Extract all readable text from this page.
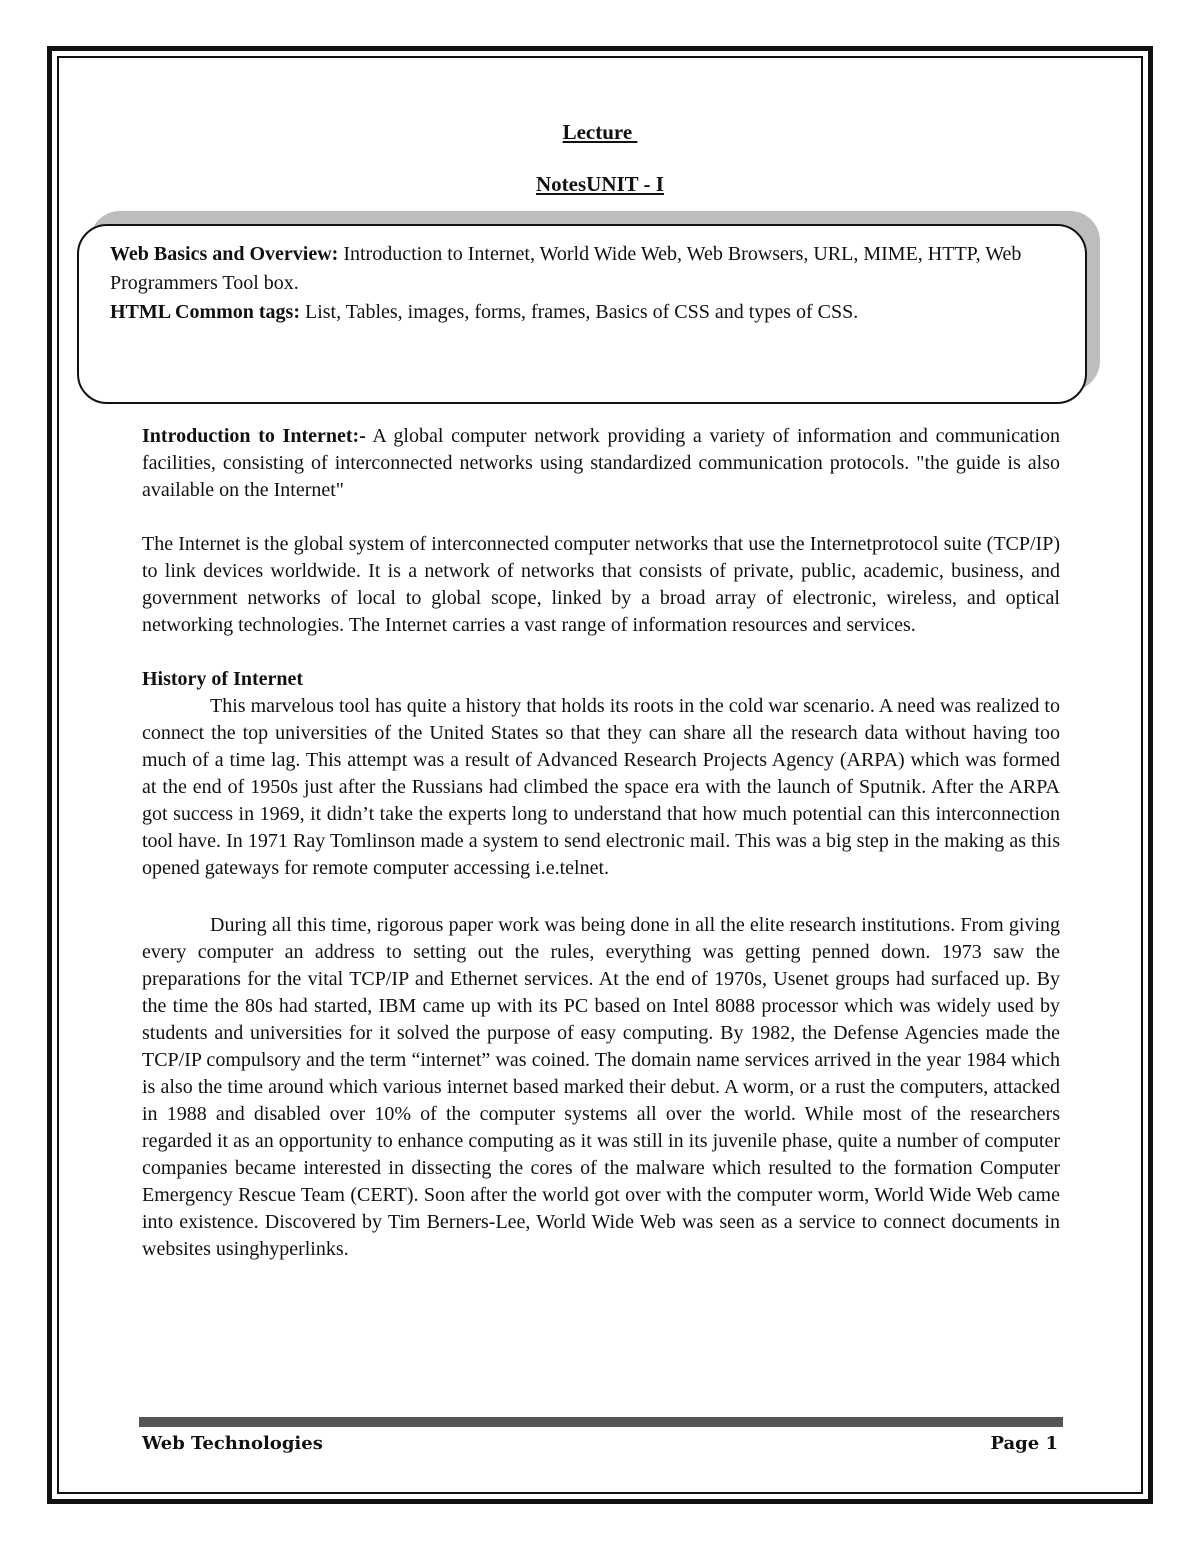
Lecture
NotesUNIT - I
Web Basics and Overview: Introduction to Internet, World Wide Web, Web Browsers, URL, MIME, HTTP, Web Programmers Tool box.
HTML Common tags: List, Tables, images, forms, frames, Basics of CSS and types of CSS.

Introduction to Internet:- A global computer network providing a variety of information and communication facilities, consisting of interconnected networks using standardized communication protocols. "the guide is also available on the Internet"

The Internet is the global system of interconnected computer networks that use the Internetprotocol suite (TCP/IP) to link devices worldwide. It is a network of networks that consists of private, public, academic, business, and government networks of local to global scope, linked by a broad array of electronic, wireless, and optical networking technologies. The Internet carries a vast range of information resources and services.

History of Internet

This marvelous tool has quite a history that holds its roots in the cold war scenario. A need was realized to connect the top universities of the United States so that they can share all the research data without having too much of a time lag. This attempt was a result of Advanced Research Projects Agency (ARPA) which was formed at the end of 1950s just after the Russians had climbed the space era with the launch of Sputnik. After the ARPA got success in 1969, it didn’t take the experts long to understand that how much potential can this interconnection tool have. In 1971 Ray Tomlinson made a system to send electronic mail. This was a big step in the making as this opened gateways for remote computer accessing i.e.telnet.

During all this time, rigorous paper work was being done in all the elite research institutions. From giving every computer an address to setting out the rules, everything was getting penned down. 1973 saw the preparations for the vital TCP/IP and Ethernet services. At the end of 1970s, Usenet groups had surfaced up. By the time the 80s had started, IBM came up with its PC based on Intel 8088 processor which was widely used by students and universities for it solved the purpose of easy computing. By 1982, the Defense Agencies made the TCP/IP compulsory and the term “internet” was coined. The domain name services arrived in the year 1984 which is also the time around which various internet based marked their debut. A worm, or a rust the computers, attacked in 1988 and disabled over 10% of the computer systems all over the world. While most of the researchers regarded it as an opportunity to enhance computing as it was still in its juvenile phase, quite a number of computer companies became interested in dissecting the cores of the malware which resulted to the formation Computer Emergency Rescue Team (CERT). Soon after the world got over with the computer worm, World Wide Web came into existence. Discovered by Tim Berners-Lee, World Wide Web was seen as a service to connect documents in websites usinghyperlinks.

Web Technologies	Page 1
